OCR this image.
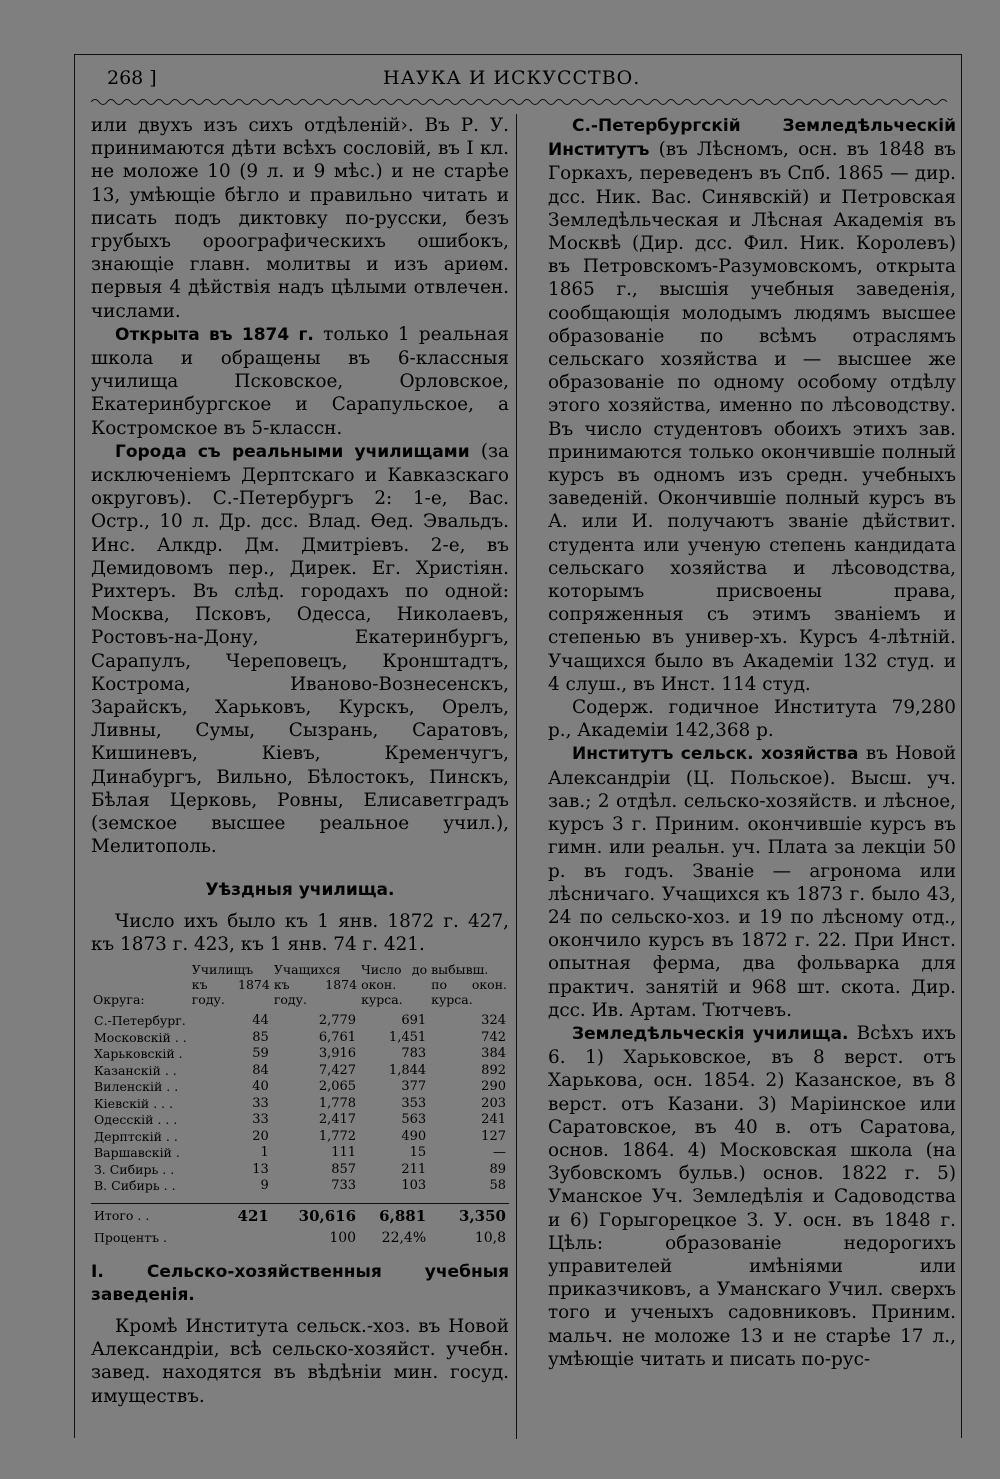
268 ]	НАУКА И ИСКУССТВО.

или двухъ изъ сихъ отдѣленій›. Въ Р. У. принимаются дѣти всѣхъ сословій, въ I кл. не моложе 10 (9 л. и 9 мѣс.) и не старѣе 13, умѣющіе бѣгло и правильно читать и писать подъ диктовку по-русски, безъ грубыхъ ороографическихъ ошибокъ, знающіе главн. молитвы и изъ ариѳм. первыя 4 дѣйствія надъ цѣлыми отвлечен. числами.

Открыта въ 1874 г. только 1 реальная школа и обращены въ 6-классныя училища Псковское, Орловское, Екатеринбургское и Сарапульское, а Костромское въ 5-классн.

Города съ реальными училищами (за исключеніемъ Дерптскаго и Кавказскаго округовъ). С.-Петербургъ 2: 1-е, Вас. Остр., 10 л. Др. дсс. Влад. Ѳед. Эвальдъ. Инс. Алкдр. Дм. Дмитріевъ. 2-е, въ Демидовомъ пер., Дирек. Ег. Христіян. Рихтеръ. Въ слѣд. городахъ по одной: Москва, Псковъ, Одесса, Николаевъ, Ростовъ-на-Дону, Екатеринбургъ, Сарапулъ, Череповецъ, Кронштадтъ, Кострома, Иваново-Вознесенскъ, Зарайскъ, Харьковъ, Курскъ, Орелъ, Ливны, Сумы, Сызрань, Саратовъ, Кишиневъ, Кіевъ, Кременчугъ, Динабургъ, Вильно, Бѣлостокъ, Пинскъ, Бѣлая Церковь, Ровны, Елисаветградъ (земское высшее реальное учил.), Мелитополь.

Уѣздныя училища.

Число ихъ было къ 1 янв. 1872 г. 427, къ 1873 г. 423, къ 1 янв. 74 г. 421.

Округа:	Училищъ къ 1874 году.	Учащихся къ 1874 году.	Число до окон. курса.	выбывш. по окон. курса.
С.-Петербург.	44	2,779	691	324
Московскій . .	85	6,761	1,451	742
Харьковскій .	59	3,916	783	384
Казанскій . .	84	7,427	1,844	892
Виленскій . .	40	2,065	377	290
Кіевскій . . .	33	1,778	353	203
Одесскій . . .	33	2,417	563	241
Дерптскій . .	20	1,772	490	127
Варшавскій .	1	111	15	—
З. Сибирь . .	13	857	211	89
В. Сибирь . .	9	733	103	58

Итого . .	421	30,616	6,881	3,350
Процентъ .		100	22,4%	10,8

I. Сельско-хозяйственныя учебныя заведенія.

Кромѣ Института сельск.-хоз. въ Новой Александріи, всѣ сельско-хозяйст. учебн. завед. находятся въ вѣдѣніи мин. госуд. имуществъ.

С.-Петербургскій Земледѣльческій Институтъ (въ Лѣсномъ, осн. въ 1848 въ Горкахъ, переведенъ въ Спб. 1865 — дир. дсс. Ник. Вас. Синявскій) и Петровская Земледѣльческая и Лѣсная Академія въ Москвѣ (Дир. дсс. Фил. Ник. Королевъ) въ Петровскомъ-Разумовскомъ, открыта 1865 г., высшія учебныя заведенія, сообщающія молодымъ людямъ высшее образованіе по всѣмъ отраслямъ сельскаго хозяйства и — высшее же образованіе по одному особому отдѣлу этого хозяйства, именно по лѣсоводству. Въ число студентовъ обоихъ этихъ зав. принимаются только окончившіе полный курсъ въ одномъ изъ средн. учебныхъ заведеній. Окончившіе полный курсъ въ А. или И. получаютъ званіе дѣйствит. студента или ученую степень кандидата сельскаго хозяйства и лѣсоводства, которымъ присвоены права, сопряженныя съ этимъ званіемъ и степенью въ универ-хъ. Курсъ 4-лѣтній. Учащихся было въ Академіи 132 студ. и 4 слуш., въ Инст. 114 студ.

Содерж. годичное Института 79,280 р., Академіи 142,368 р.

Институтъ сельск. хозяйства въ Новой Александріи (Ц. Польское). Высш. уч. зав.; 2 отдѣл. сельско-хозяйств. и лѣсное, курсъ 3 г. Приним. окончившіе курсъ въ гимн. или реальн. уч. Плата за лекціи 50 р. въ годъ. Званіе — агронома или лѣсничаго. Учащихся къ 1873 г. было 43, 24 по сельско-хоз. и 19 по лѣсному отд., окончило курсъ въ 1872 г. 22. При Инст. опытная ферма, два фольварка для практич. занятій и 968 шт. скота. Дир. дсс. Ив. Артам. Тютчевъ.

Земледѣльческія училища. Всѣхъ ихъ 6. 1) Харьковское, въ 8 верст. отъ Харькова, осн. 1854. 2) Казанское, въ 8 верст. отъ Казани. 3) Маріинское или Саратовское, въ 40 в. отъ Саратова, основ. 1864. 4) Московская школа (на Зубовскомъ бульв.) основ. 1822 г. 5) Уманское Уч. Земледѣлія и Садоводства и 6) Горыгорецкое З. У. осн. въ 1848 г. Цѣль: образованіе недорогихъ управителей имѣніями или приказчиковъ, а Уманскаго Учил. сверхъ того и ученыхъ садовниковъ. Приним. мальч. не моложе 13 и не старѣе 17 л., умѣющіе читать и писать по-рус-
